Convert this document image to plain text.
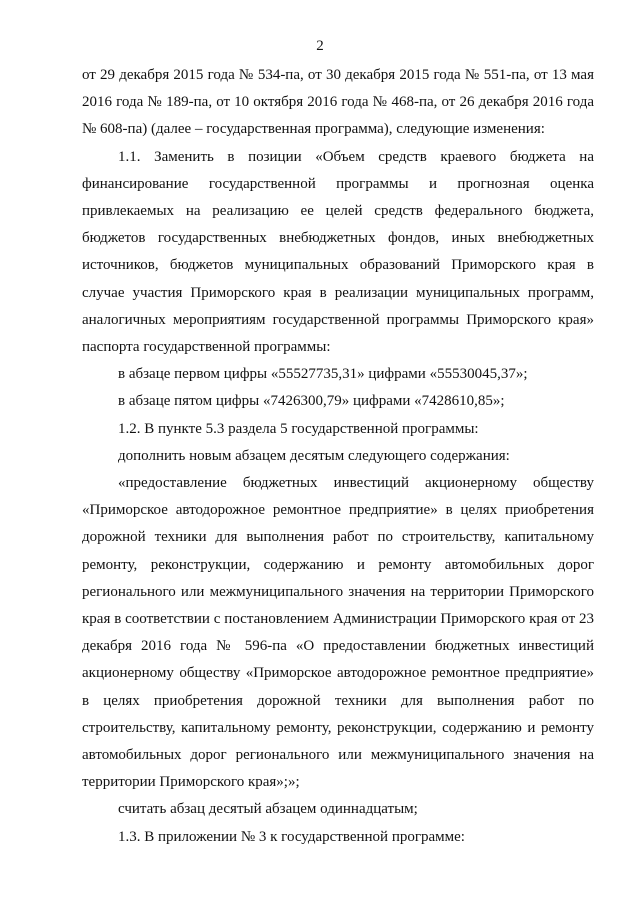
2

от 29 декабря 2015 года № 534-па, от 30 декабря 2015 года № 551-па, от 13 мая 2016 года № 189-па, от 10 октября 2016 года № 468-па, от 26 декабря 2016 года № 608-па) (далее – государственная программа), следующие изменения:

1.1. Заменить в позиции «Объем средств краевого бюджета на финансирование государственной программы и прогнозная оценка привлекаемых на реализацию ее целей средств федерального бюджета, бюджетов государственных внебюджетных фондов, иных внебюджетных источников, бюджетов муниципальных образований Приморского края в случае участия Приморского края в реализации муниципальных программ, аналогичных мероприятиям государственной программы Приморского края» паспорта государственной программы:

в абзаце первом цифры «55527735,31» цифрами «55530045,37»;

в абзаце пятом цифры «7426300,79» цифрами «7428610,85»;

1.2. В пункте 5.3 раздела 5 государственной программы:

дополнить новым абзацем десятым следующего содержания:

«предоставление бюджетных инвестиций акционерному обществу «Приморское автодорожное ремонтное предприятие» в целях приобретения дорожной техники для выполнения работ по строительству, капитальному ремонту, реконструкции, содержанию и ремонту автомобильных дорог регионального или межмуниципального значения на территории Приморского края в соответствии с постановлением Администрации Приморского края от 23 декабря 2016 года № 596-па «О предоставлении бюджетных инвестиций акционерному обществу «Приморское автодорожное ремонтное предприятие» в целях приобретения дорожной техники для выполнения работ по строительству, капитальному ремонту, реконструкции, содержанию и ремонту автомобильных дорог регионального или межмуниципального значения на территории Приморского края»;»;

считать абзац десятый абзацем одиннадцатым;

1.3. В приложении № 3 к государственной программе:
